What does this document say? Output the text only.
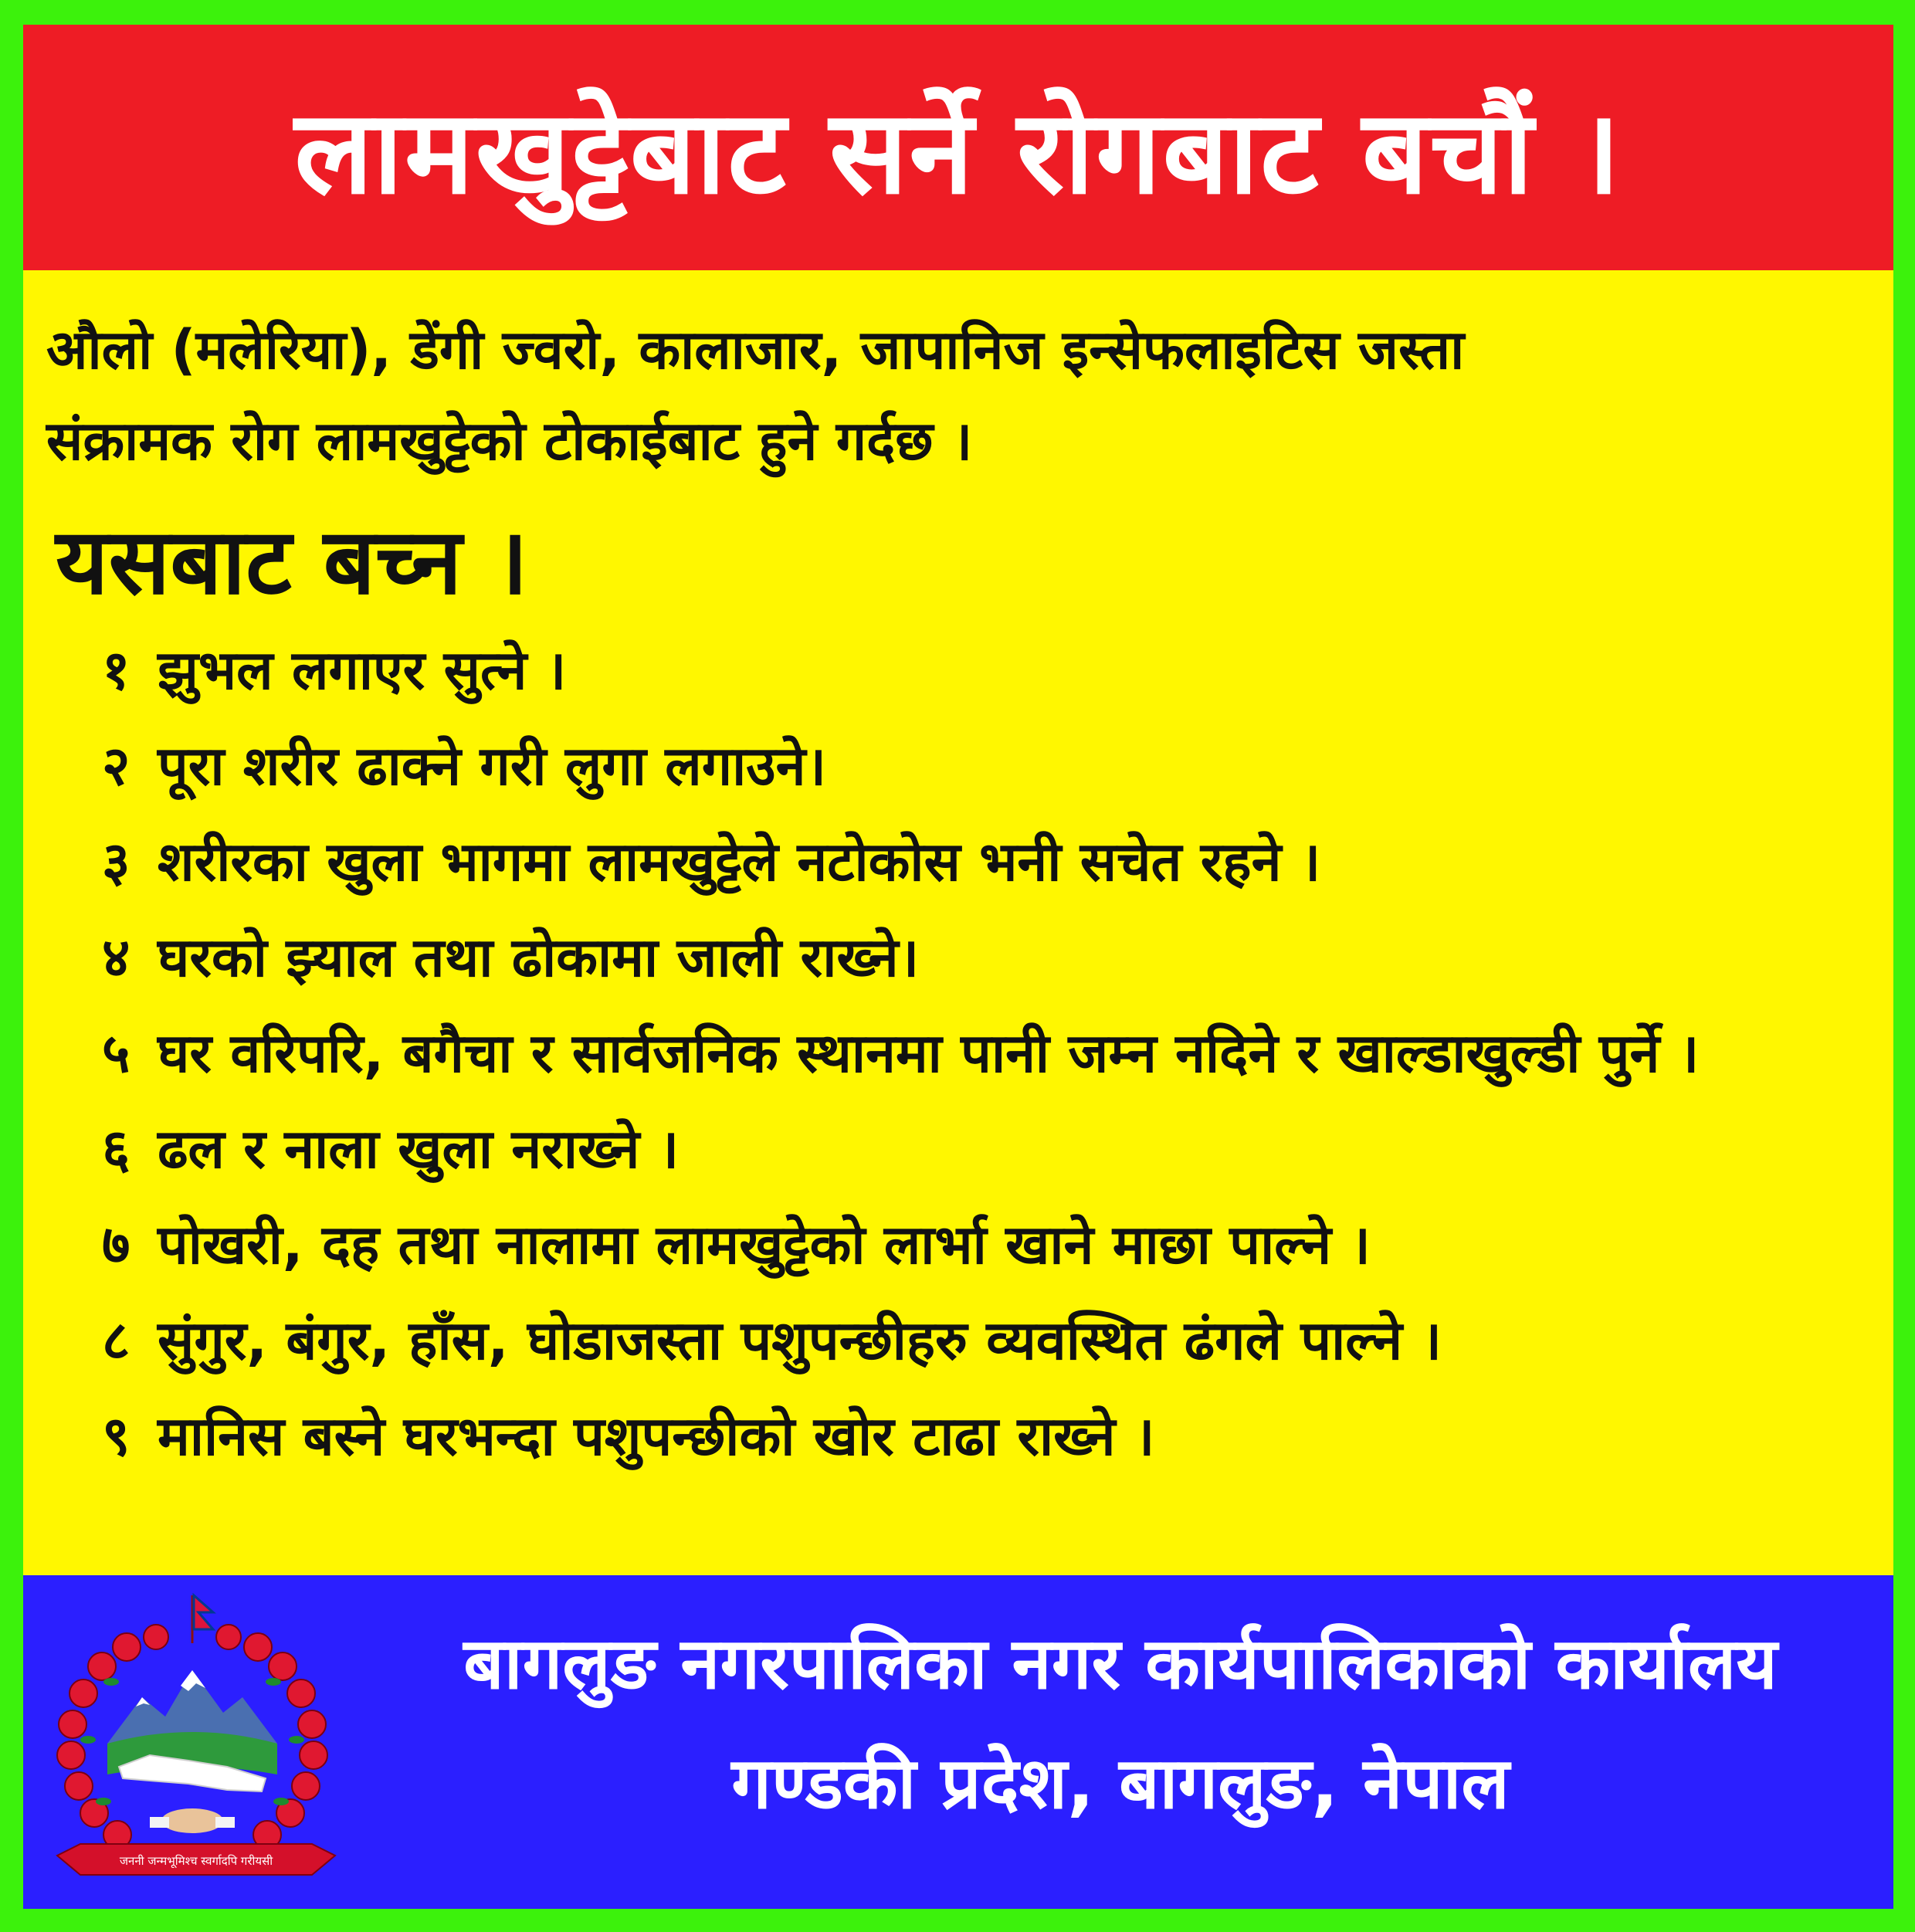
लामखुट्टेबाट सर्ने रोगबाट बचौं ।

औलो (मलेरिया), डेंगी ज्वरो, कालाजार, जापानिज इन्सेफलाइटिस जस्ता
संक्रामक रोग लामखुट्टेको टोकाईबाट हुने गर्दछ ।

यसबाट बच्न ।
१ झुभल लगाएर सुत्ने ।
२ पूरा शरीर ढाक्ने गरी लुगा लगाउने।
३ शरीरका खुला भागमा लामखुट्टेले नटोकोस भनी सचेत रहने ।
४ घरको झ्याल तथा ढोकामा जाली राख्ने।
५ घर वरिपरि, बगैचा र सार्वजनिक स्थानमा पानी जम्न नदिने र खाल्डाखुल्डी पुर्ने ।
६ ढल र नाला खुला नराख्ने ।
७ पोखरी, दह तथा नालामा लामखुट्टेको लार्भा खाने माछा पाल्ने ।
८ सुंगुर, बंगुर, हाँस, घोडाजस्ता पशुपन्छीहरु व्यवस्थित ढंगले पाल्ने ।
९ मानिस बस्ने घरभन्दा पशुपन्छीको खोर टाढा राख्ने ।
जननी जन्मभूमिश्च स्वर्गादपि गरीयसी
बागलुङ नगरपालिका नगर कार्यपालिकाको कार्यालय
गण्डकी प्रदेश, बागलुङ, नेपाल
